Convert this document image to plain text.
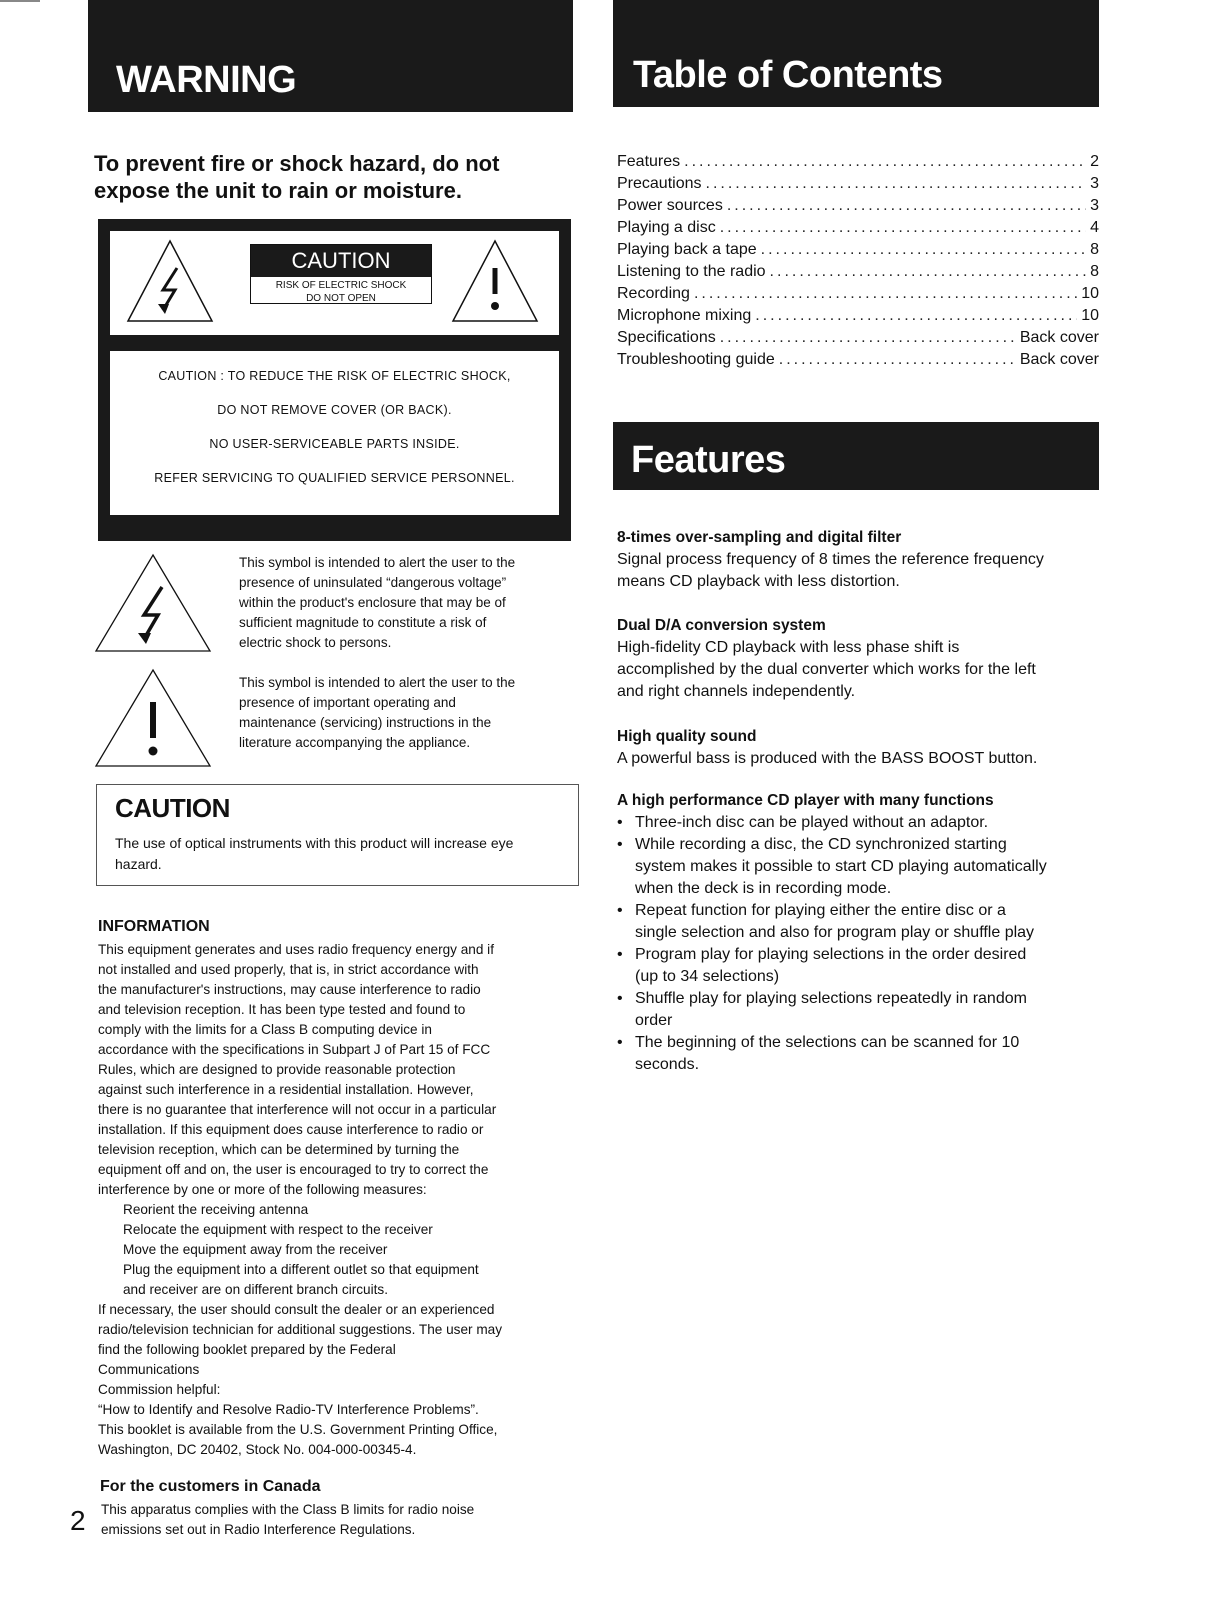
WARNING	Table of Contents
To prevent fire or shock hazard, do not expose the unit to rain or moisture.
CAUTION
RISK OF ELECTRIC SHOCK
DO NOT OPEN
CAUTION : TO REDUCE THE RISK OF ELECTRIC SHOCK,
DO NOT REMOVE COVER (OR BACK).
NO USER-SERVICEABLE PARTS INSIDE.
REFER SERVICING TO QUALIFIED SERVICE PERSONNEL.
This symbol is intended to alert the user to the
presence of uninsulated “dangerous voltage”
within the product's enclosure that may be of
sufficient magnitude to constitute a risk of
electric shock to persons.
This symbol is intended to alert the user to the
presence of important operating and
maintenance (servicing) instructions in the
literature accompanying the appliance.
CAUTION
The use of optical instruments with this product will increase eye hazard.
INFORMATION
This equipment generates and uses radio frequency energy and if
not installed and used properly, that is, in strict accordance with
the manufacturer's instructions, may cause interference to radio
and television reception. It has been type tested and found to
comply with the limits for a Class B computing device in
accordance with the specifications in Subpart J of Part 15 of FCC
Rules, which are designed to provide reasonable protection
against such interference in a residential installation. However,
there is no guarantee that interference will not occur in a particular
installation. If this equipment does cause interference to radio or
television reception, which can be determined by turning the
equipment off and on, the user is encouraged to try to correct the
interference by one or more of the following measures:
Reorient the receiving antenna
Relocate the equipment with respect to the receiver
Move the equipment away from the receiver
Plug the equipment into a different outlet so that equipment
and receiver are on different branch circuits.
If necessary, the user should consult the dealer or an experienced
radio/television technician for additional suggestions. The user may
find the following booklet prepared by the Federal
Communications
Commission helpful:
“How to Identify and Resolve Radio-TV Interference Problems”.
This booklet is available from the U.S. Government Printing Office,
Washington, DC 20402, Stock No. 004-000-00345-4.
For the customers in Canada
This apparatus complies with the Class B limits for radio noise
emissions set out in Radio Interference Regulations.
2
Features .....	2
Precautions .....	3
Power sources .....	3
Playing a disc .....	4
Playing back a tape .....	8
Listening to the radio .....	8
Recording .....	10
Microphone mixing .....	10
Specifications .....	Back cover
Troubleshooting guide .....	Back cover
Features
8-times over-sampling and digital filter
Signal process frequency of 8 times the reference frequency
means CD playback with less distortion.
Dual D/A conversion system
High-fidelity CD playback with less phase shift is
accomplished by the dual converter which works for the left
and right channels independently.
High quality sound
A powerful bass is produced with the BASS BOOST button.
A high performance CD player with many functions
• Three-inch disc can be played without an adaptor.
• While recording a disc, the CD synchronized starting
system makes it possible to start CD playing automatically
when the deck is in recording mode.
• Repeat function for playing either the entire disc or a
single selection and also for program play or shuffle play
• Program play for playing selections in the order desired
(up to 34 selections)
• Shuffle play for playing selections repeatedly in random
order
• The beginning of the selections can be scanned for 10
seconds.
